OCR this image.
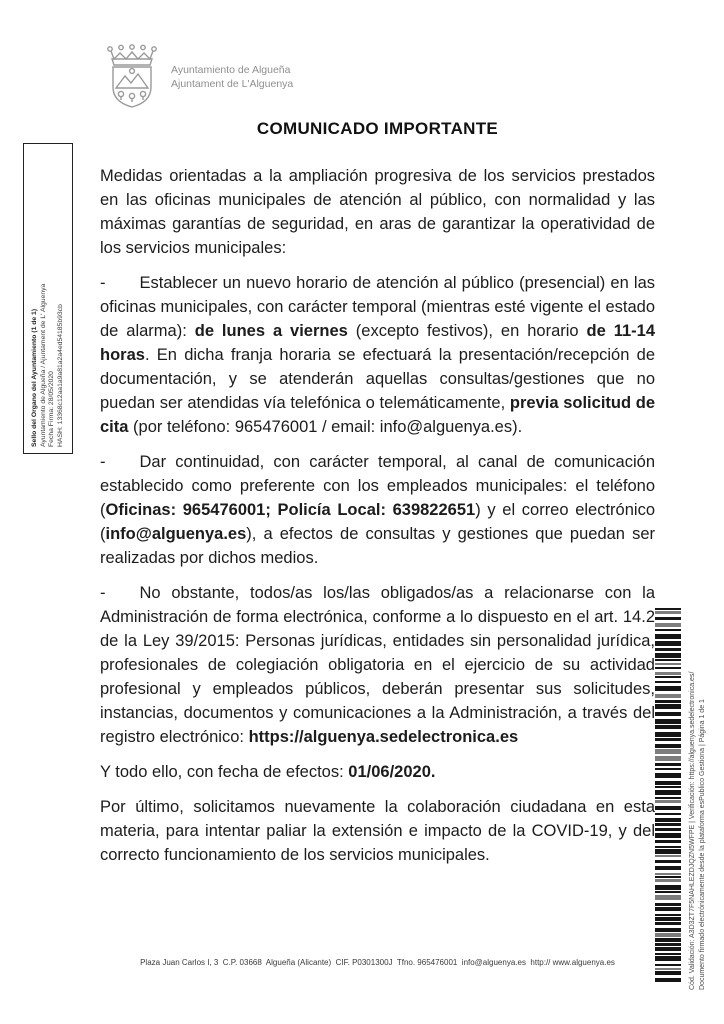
Sello del Organo del Ayuntamiento (1 de 1) Ayuntamiento de Algueña / Ajuntament de L' Alguenya Fecha Firma: 28/05/2020 HASH: 13368c12aa1a9a81a2a4ed54185b93cb
Ayuntamiento de Algueña
Ajuntament de L'Alguenya
COMUNICADO IMPORTANTE

Medidas orientadas a la ampliación progresiva de los servicios prestados en las oficinas municipales de atención al público, con normalidad y las máximas garantías de seguridad, en aras de garantizar la operatividad de los servicios municipales:

- Establecer un nuevo horario de atención al público (presencial) en las oficinas municipales, con carácter temporal (mientras esté vigente el estado de alarma): de lunes a viernes (excepto festivos), en horario de 11-14 horas. En dicha franja horaria se efectuará la presentación/recepción de documentación, y se atenderán aquellas consultas/gestiones que no puedan ser atendidas vía telefónica o telemáticamente, previa solicitud de cita (por teléfono: 965476001 / email: info@alguenya.es).

- Dar continuidad, con carácter temporal, al canal de comunicación establecido como preferente con los empleados municipales: el teléfono (Oficinas: 965476001; Policía Local: 639822651) y el correo electrónico (info@alguenya.es), a efectos de consultas y gestiones que puedan ser realizadas por dichos medios.

- No obstante, todos/as los/las obligados/as a relacionarse con la Administración de forma electrónica, conforme a lo dispuesto en el art. 14.2 de la Ley 39/2015: Personas jurídicas, entidades sin personalidad jurídica, profesionales de colegiación obligatoria en el ejercicio de su actividad profesional y empleados públicos, deberán presentar sus solicitudes, instancias, documentos y comunicaciones a la Administración, a través del registro electrónico: https://alguenya.sedelectronica.es

Y todo ello, con fecha de efectos: 01/06/2020.

Por último, solicitamos nuevamente la colaboración ciudadana en esta materia, para intentar paliar la extensión e impacto de la COVID-19, y del correcto funcionamiento de los servicios municipales.

Plaza Juan Carlos I, 3  C.P. 03668  Algueña (Alicante)  CIF. P0301300J  Tfno. 965476001  info@alguenya.es  http:// www.alguenya.es	Cód. Validación: A3D3ZT7F5NAHLEZDJQZN5WFPE | Verificación: https://alguenya.sedelectronica.es/ Documento firmado electrónicamente desde la plataforma esPublico Gestiona | Página 1 de 1
